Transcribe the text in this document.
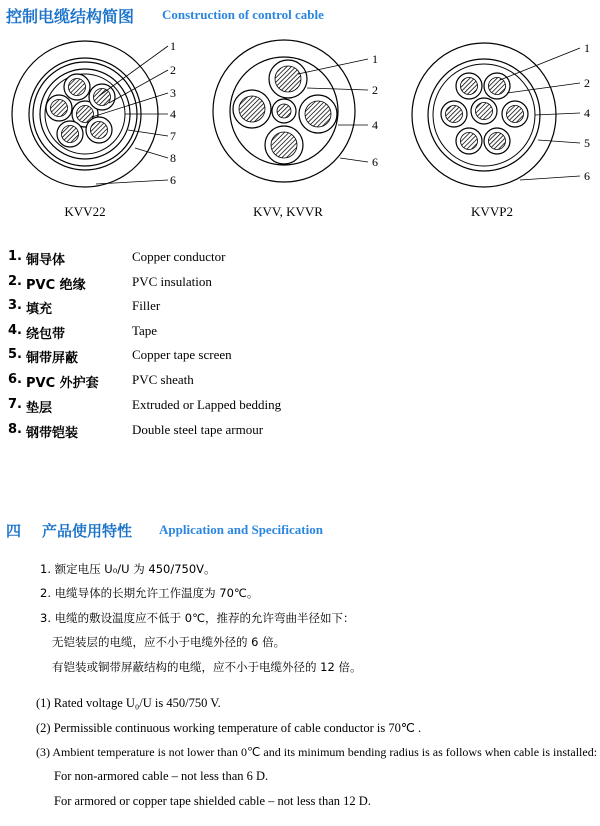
控制电缆结构简图 Construction of control cable
1
2
3
4
7
8
6
1
2
4
6
1
2
4
5
6
KVV22	KVV, KVVR	KVVP2
1. 铜导体	Copper conductor
2. PVC 绝缘	PVC insulation
3. 填充	Filler
4. 绕包带	Tape
5. 铜带屏蔽	Copper tape screen
6. PVC 外护套	PVC sheath
7. 垫层	Extruded or Lapped bedding
8. 钢带铠装	Double steel tape armour
四 产品使用特性 Application and Specification
1. 额定电压 U₀/U 为 450/750V。
2. 电缆导体的长期允许工作温度为 70℃。
3. 电缆的敷设温度应不低于 0℃，推荐的允许弯曲半径如下：
无铠装层的电缆，应不小于电缆外径的 6 倍。
有铠装或铜带屏蔽结构的电缆，应不小于电缆外径的 12 倍。
(1) Rated voltage U₀/U is 450/750 V.
(2) Permissible continuous working temperature of cable conductor is 70℃ .
(3) Ambient temperature is not lower than 0℃ and its minimum bending radius is as follows when cable is installed:
For non-armored cable – not less than 6 D.
For armored or copper tape shielded cable – not less than 12 D.
